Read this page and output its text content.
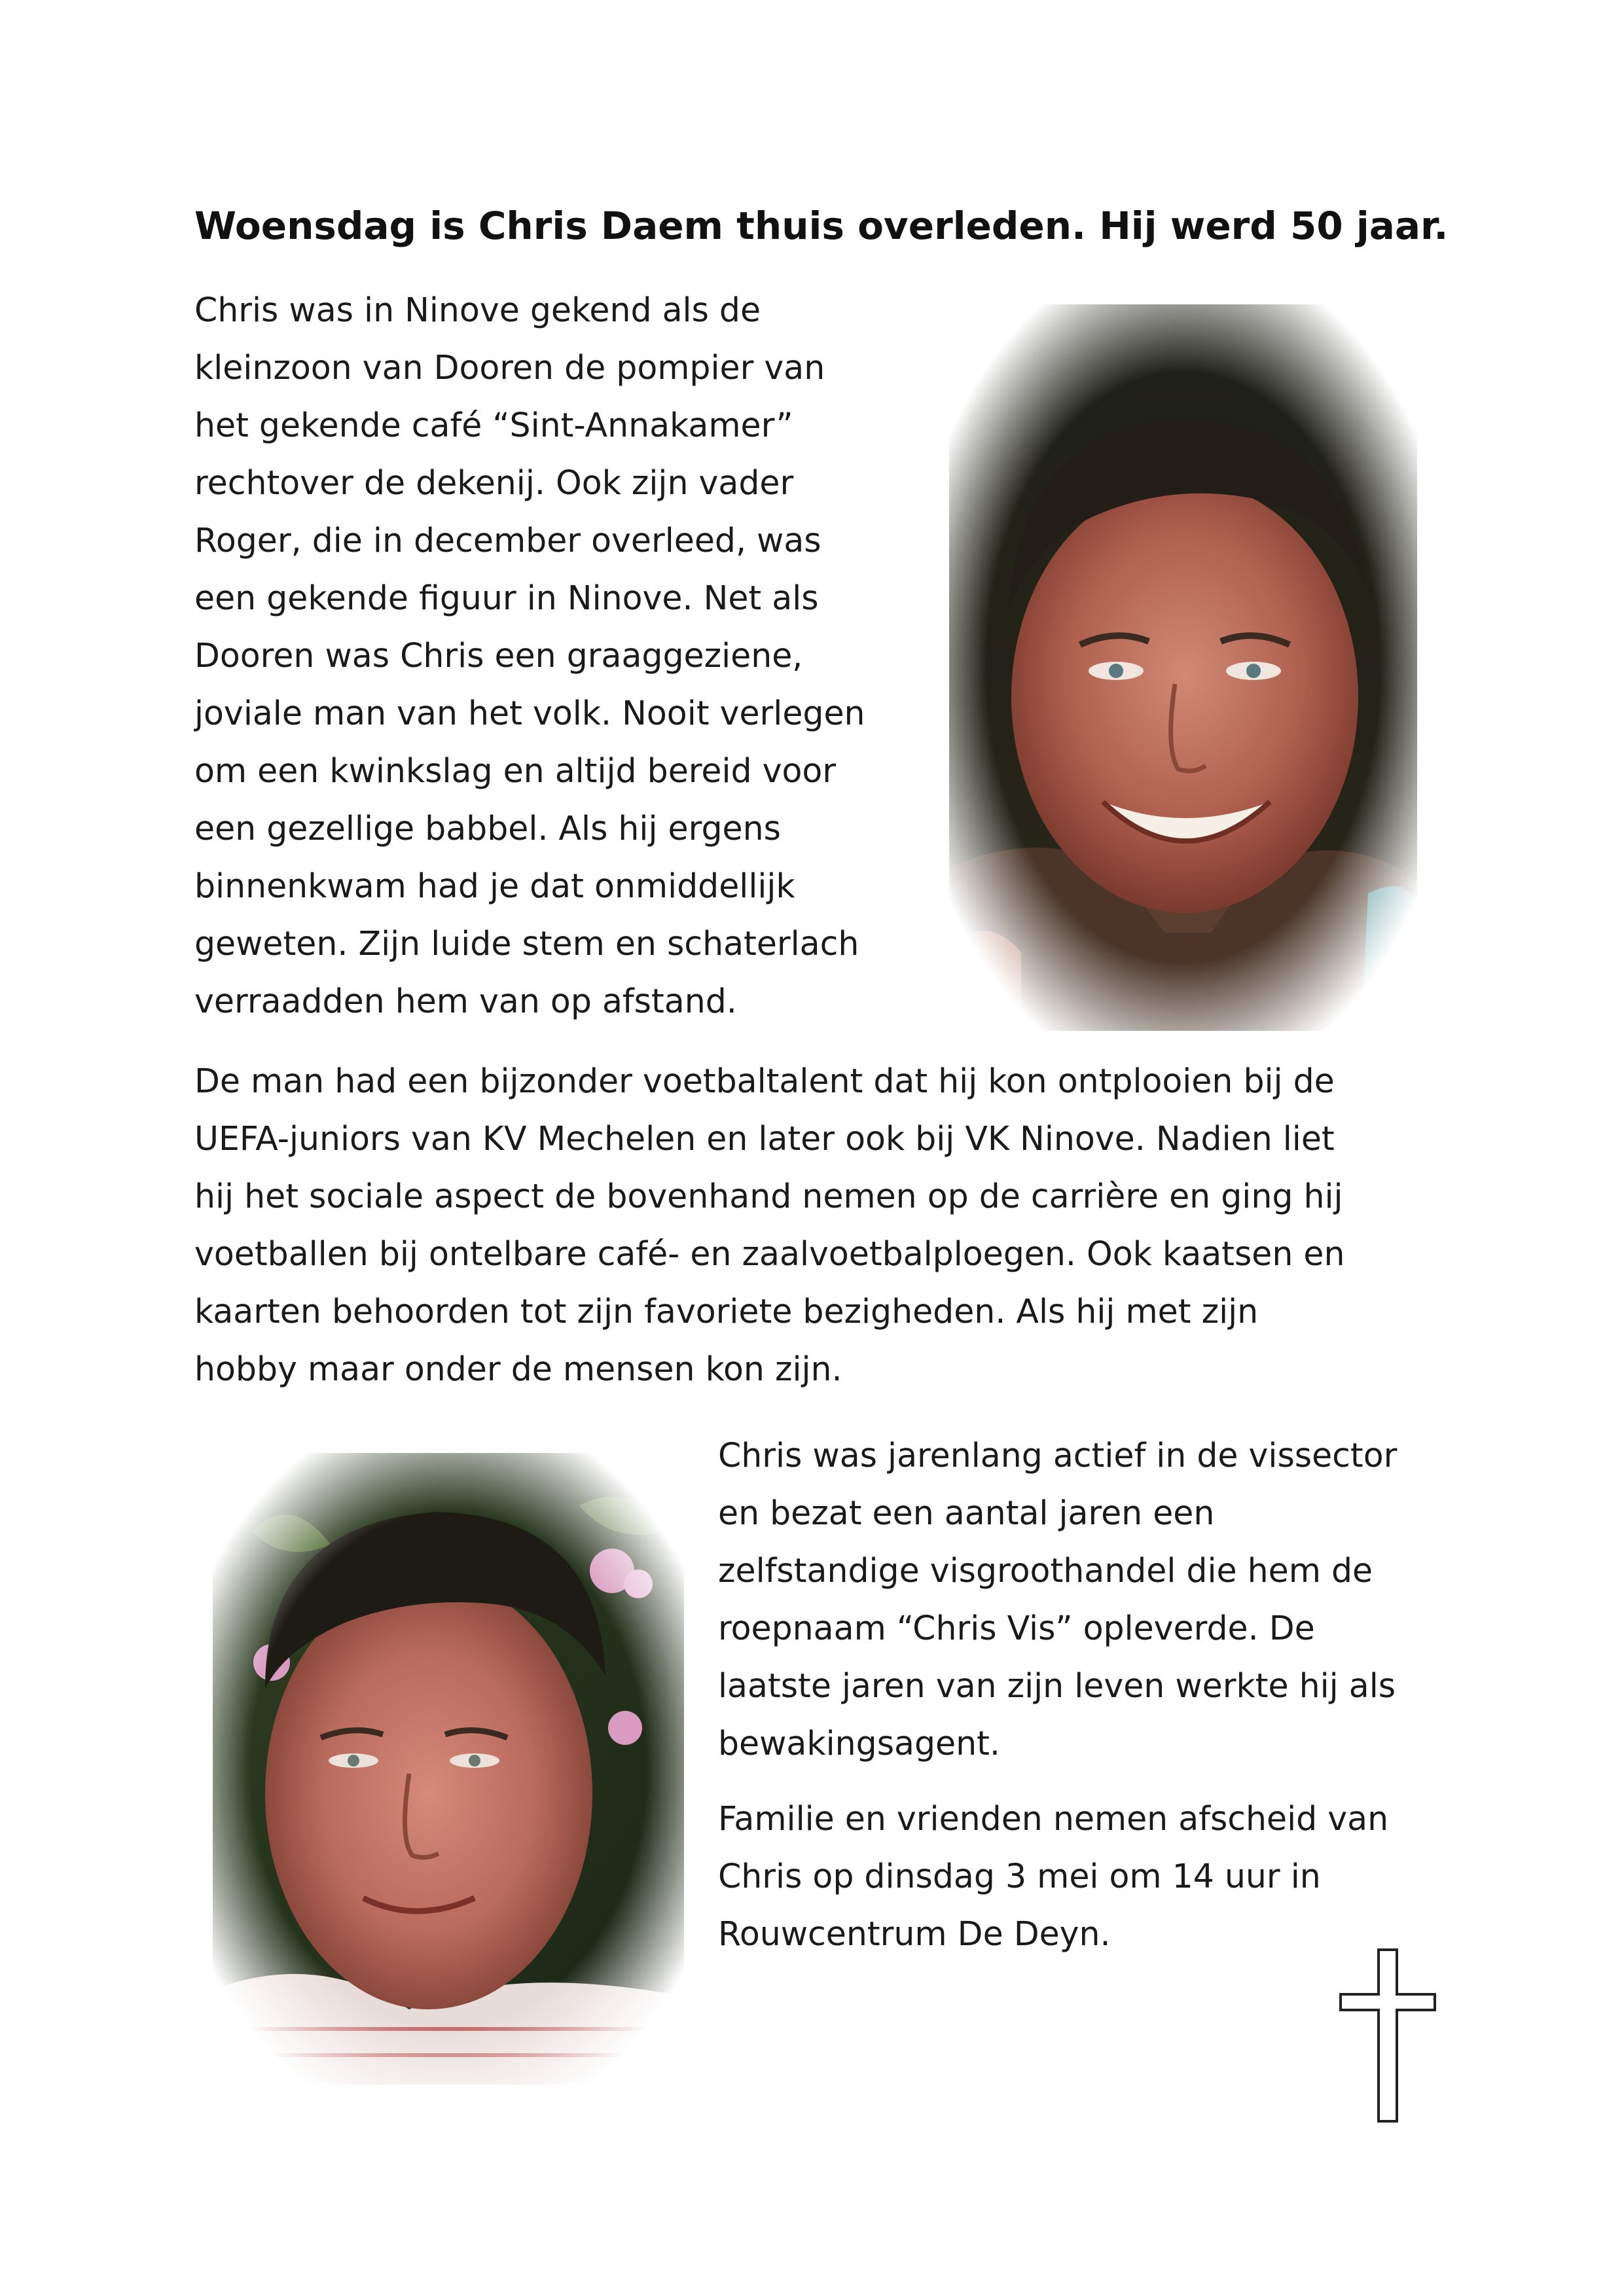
Woensdag is Chris Daem thuis overleden. Hij werd 50 jaar.
Chris was in Ninove gekend als de
kleinzoon van Dooren de pompier van
het gekende café “Sint-Annakamer”
rechtover de dekenij. Ook zijn vader
Roger, die in december overleed, was
een gekende figuur in Ninove. Net als
Dooren was Chris een graaggeziene,
joviale man van het volk. Nooit verlegen
om een kwinkslag en altijd bereid voor
een gezellige babbel. Als hij ergens
binnenkwam had je dat onmiddellijk
geweten. Zijn luide stem en schaterlach
verraadden hem van op afstand.
De man had een bijzonder voetbaltalent dat hij kon ontplooien bij de
UEFA-juniors van KV Mechelen en later ook bij VK Ninove. Nadien liet
hij het sociale aspect de bovenhand nemen op de carrière en ging hij
voetballen bij ontelbare café- en zaalvoetbalploegen. Ook kaatsen en
kaarten behoorden tot zijn favoriete bezigheden. Als hij met zijn
hobby maar onder de mensen kon zijn.
Chris was jarenlang actief in de vissector
en bezat een aantal jaren een
zelfstandige visgroothandel die hem de
roepnaam “Chris Vis” opleverde. De
laatste jaren van zijn leven werkte hij als
bewakingsagent.
Familie en vrienden nemen afscheid van
Chris op dinsdag 3 mei om 14 uur in
Rouwcentrum De Deyn.
